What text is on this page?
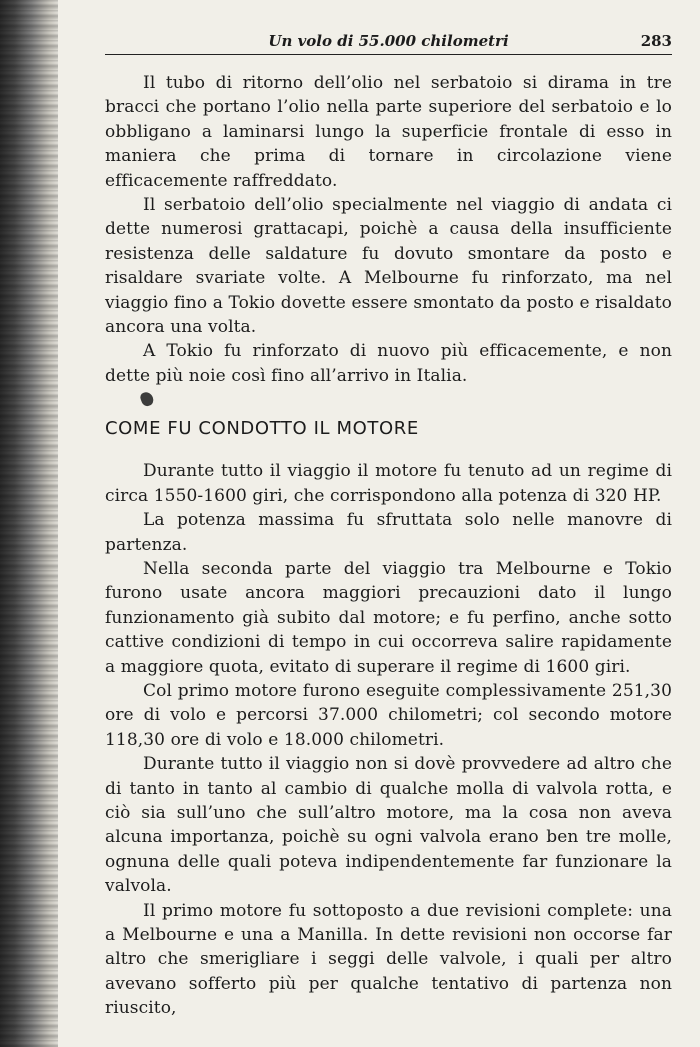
Un volo di 55.000 chilometri	283

Il tubo di ritorno dell’olio nel serbatoio si dirama in tre bracci che portano l’olio nella parte superiore del serbatoio e lo obbligano a laminarsi lungo la superficie frontale di esso in maniera che prima di tornare in circolazione viene efficacemente raffreddato.

Il serbatoio dell’olio specialmente nel viaggio di andata ci dette numerosi grattacapi, poichè a causa della insufficiente resistenza delle saldature fu dovuto smontare da posto e risaldare svariate volte. A Melbourne fu rinforzato, ma nel viaggio fino a Tokio dovette essere smontato da posto e risaldato ancora una volta.

A Tokio fu rinforzato di nuovo più efficacemente, e non dette più noie così fino all’arrivo in Italia.

COME FU CONDOTTO IL MOTORE

Durante tutto il viaggio il motore fu tenuto ad un regime di circa 1550-1600 giri, che corrispondono alla potenza di 320 HP.

La potenza massima fu sfruttata solo nelle manovre di partenza.

Nella seconda parte del viaggio tra Melbourne e Tokio furono usate ancora maggiori precauzioni dato il lungo funzionamento già subito dal motore; e fu perfino, anche sotto cattive condizioni di tempo in cui occorreva salire rapidamente a maggiore quota, evitato di superare il regime di 1600 giri.

Col primo motore furono eseguite complessivamente 251,30 ore di volo e percorsi 37.000 chilometri; col secondo motore 118,30 ore di volo e 18.000 chilometri.

Durante tutto il viaggio non si dovè provvedere ad altro che di tanto in tanto al cambio di qualche molla di valvola rotta, e ciò sia sull’uno che sull’altro motore, ma la cosa non aveva alcuna importanza, poichè su ogni valvola erano ben tre molle, ognuna delle quali poteva indipendentemente far funzionare la valvola.

Il primo motore fu sottoposto a due revisioni complete: una a Melbourne e una a Manilla. In dette revisioni non occorse far altro che smerigliare i seggi delle valvole, i quali per altro avevano sofferto più per qualche tentativo di partenza non riuscito,
